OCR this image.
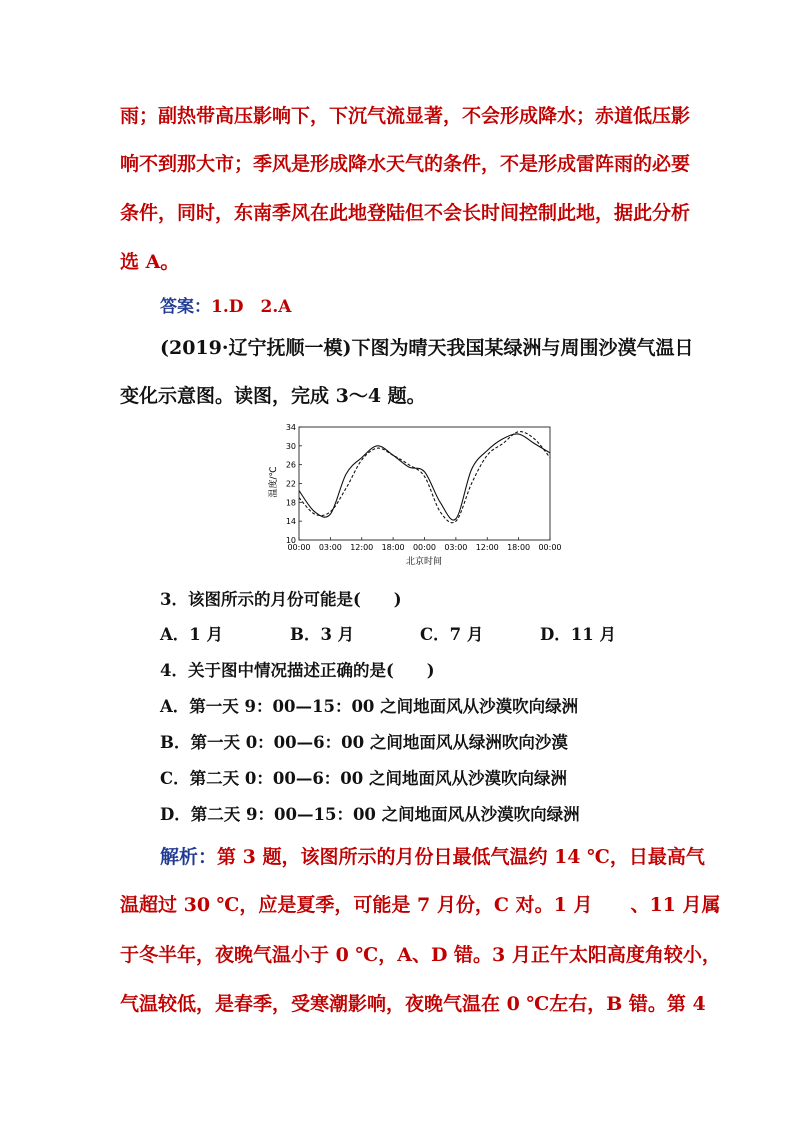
雨；副热带高压影响下，下沉气流显著，不会形成降水；赤道低压影
响不到那大市；季风是形成降水天气的条件，不是形成雷阵雨的必要
条件，同时，东南季风在此地登陆但不会长时间控制此地，据此分析
选 A。
答案：1.D　2.A
(2019·辽宁抚顺一模)下图为晴天我国某绿洲与周围沙漠气温日
变化示意图。读图，完成 3～4 题。
10
14
18
22
26
30
34
00:00 03:00 12:00 18:00 00:00 03:00 12:00 18:00 00:00
温度/℃
北京时间
3．该图所示的月份可能是(　　)
A．1 月	B．3 月	C．7 月	D．11 月
4．关于图中情况描述正确的是(　　)
A．第一天 9：00—15：00 之间地面风从沙漠吹向绿洲
B．第一天 0：00—6：00 之间地面风从绿洲吹向沙漠
C．第二天 0：00—6：00 之间地面风从沙漠吹向绿洲
D．第二天 9：00—15：00 之间地面风从沙漠吹向绿洲
解析：第 3 题，该图所示的月份日最低气温约 14 ℃，日最高气
温超过 30 ℃，应是夏季，可能是 7 月份，C 对。1 月　　、11 月属
于冬半年，夜晚气温小于 0 ℃，A、D 错。3 月正午太阳高度角较小，
气温较低，是春季，受寒潮影响，夜晚气温在 0 ℃左右，B 错。第 4
